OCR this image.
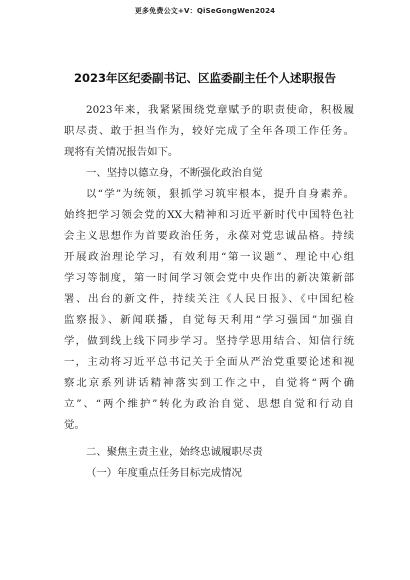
更多免费公文+V：QiSeGongWen2024
2023年区纪委副书记、区监委副主任个人述职报告
2023年来，我紧紧围绕党章赋予的职责使命，积极履
职尽责、敢于担当作为，较好完成了全年各项工作任务。
现将有关情况报告如下。
一、坚持以德立身，不断强化政治自觉
以“学”为统领，狠抓学习筑牢根本，提升自身素养。
始终把学习领会党的XX大精神和习近平新时代中国特色社
会主义思想作为首要政治任务，永葆对党忠诚品格。持续
开展政治理论学习，有效利用“第一议题”、理论中心组
学习等制度，第一时间学习领会党中央作出的新决策新部
署、出台的新文件，持续关注《人民日报》、《中国纪检
监察报》、新闻联播，自觉每天利用“学习强国”加强自
学，做到线上线下同步学习。坚持学思用结合、知信行统
一，主动将习近平总书记关于全面从严治党重要论述和视
察北京系列讲话精神落实到工作之中，自觉将“两个确
立”、“两个维护”转化为政治自觉、思想自觉和行动自
觉。
二、聚焦主责主业，始终忠诚履职尽责
（一）年度重点任务目标完成情况
